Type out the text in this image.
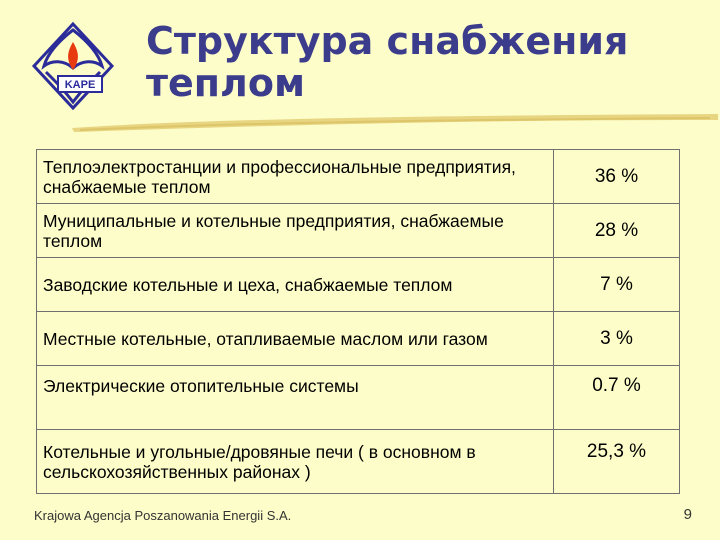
KAPE
Структура снабжения
теплом
Теплоэлектростанции и профессиональные предприятия, снабжаемые теплом	36 %
Муниципальные и котельные предприятия, снабжаемые теплом	28 %
Заводские котельные и цеха, снабжаемые теплом	7 %
Местные котельные, отапливаемые маслом или газом	3 %
Электрические отопительные системы	0.7 %
Котельные и угольные/дровяные печи ( в основном в сельскохозяйственных районах )	25,3 %
Krajowa Agencja Poszanowania Energii S.A.	9
